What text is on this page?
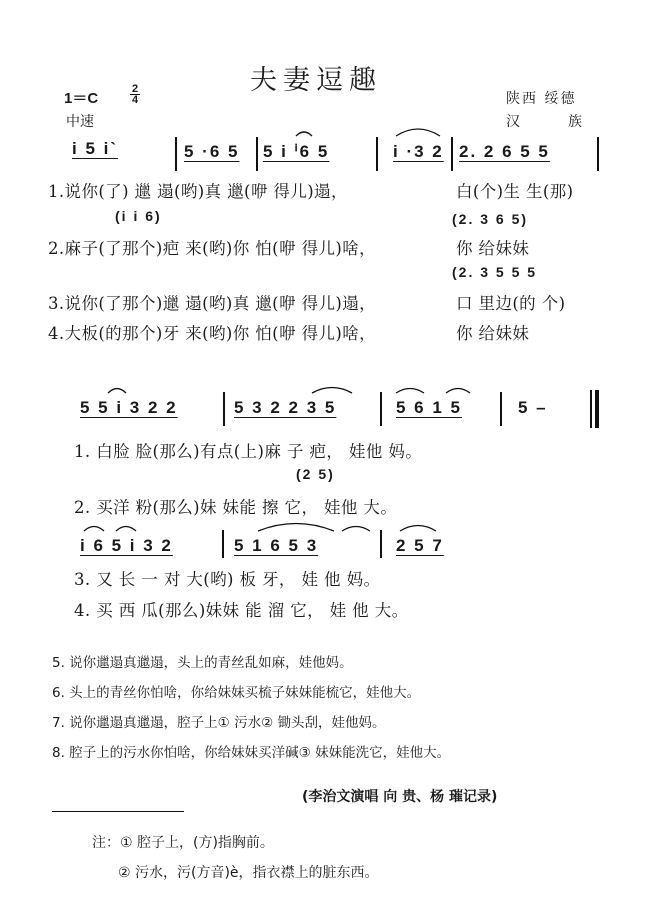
夫妻逗趣
1＝C
2
4
中速
陕西 绥德
汉	族
i 5 i`	5 ·6 5 5 i ⁱ6 5	i ·3 2 2. 2 6 5 5
1.说你(了) 邋 遢(哟)真 邋(咿 得儿)遢，	白(个)生 生(那)
(i i 6)	(2. 3 6 5)
2.麻子(了那个)疤 来(哟)你 怕(咿 得儿)啥，	你 给妹妹
(2. 3 5 5 5
3.说你(了那个)邋 遢(哟)真 邋(咿 得儿)遢，	口 里边(的 个)
4.大板(的那个)牙 来(哟)你 怕(咿 得儿)啥，	你 给妹妹
5 5 i 3 2 2	5 3 2 2 3 5	5 6 1 5	5 –
1. 白脸 脸(那么)有点(上)麻 子 疤， 娃他 妈。
(2 5)
2. 买洋 粉(那么)妹 妹能 擦 它， 娃他 大。
i 6 5 i 3 2	5 1 6 5 3	2 5 7
3. 又 长 一 对 大(哟) 板 牙， 娃 他 妈。
4. 买 西 瓜(那么)妹妹 能 溜 它， 娃 他 大。
5. 说你邋遢真邋遢，头上的青丝乱如麻，娃他妈。
6. 头上的青丝你怕啥，你给妹妹买梳子妹妹能梳它，娃他大。
7. 说你邋遢真邋遢，腔子上① 污水② 锄头刮，娃他妈。
8. 腔子上的污水你怕啥，你给妹妹买洋碱③ 妹妹能洗它，娃他大。
(李治文演唱 向 贵、杨 璀记录)
注：① 腔子上，(方)指胸前。
② 污水，污(方音)è，指衣襟上的脏东西。
